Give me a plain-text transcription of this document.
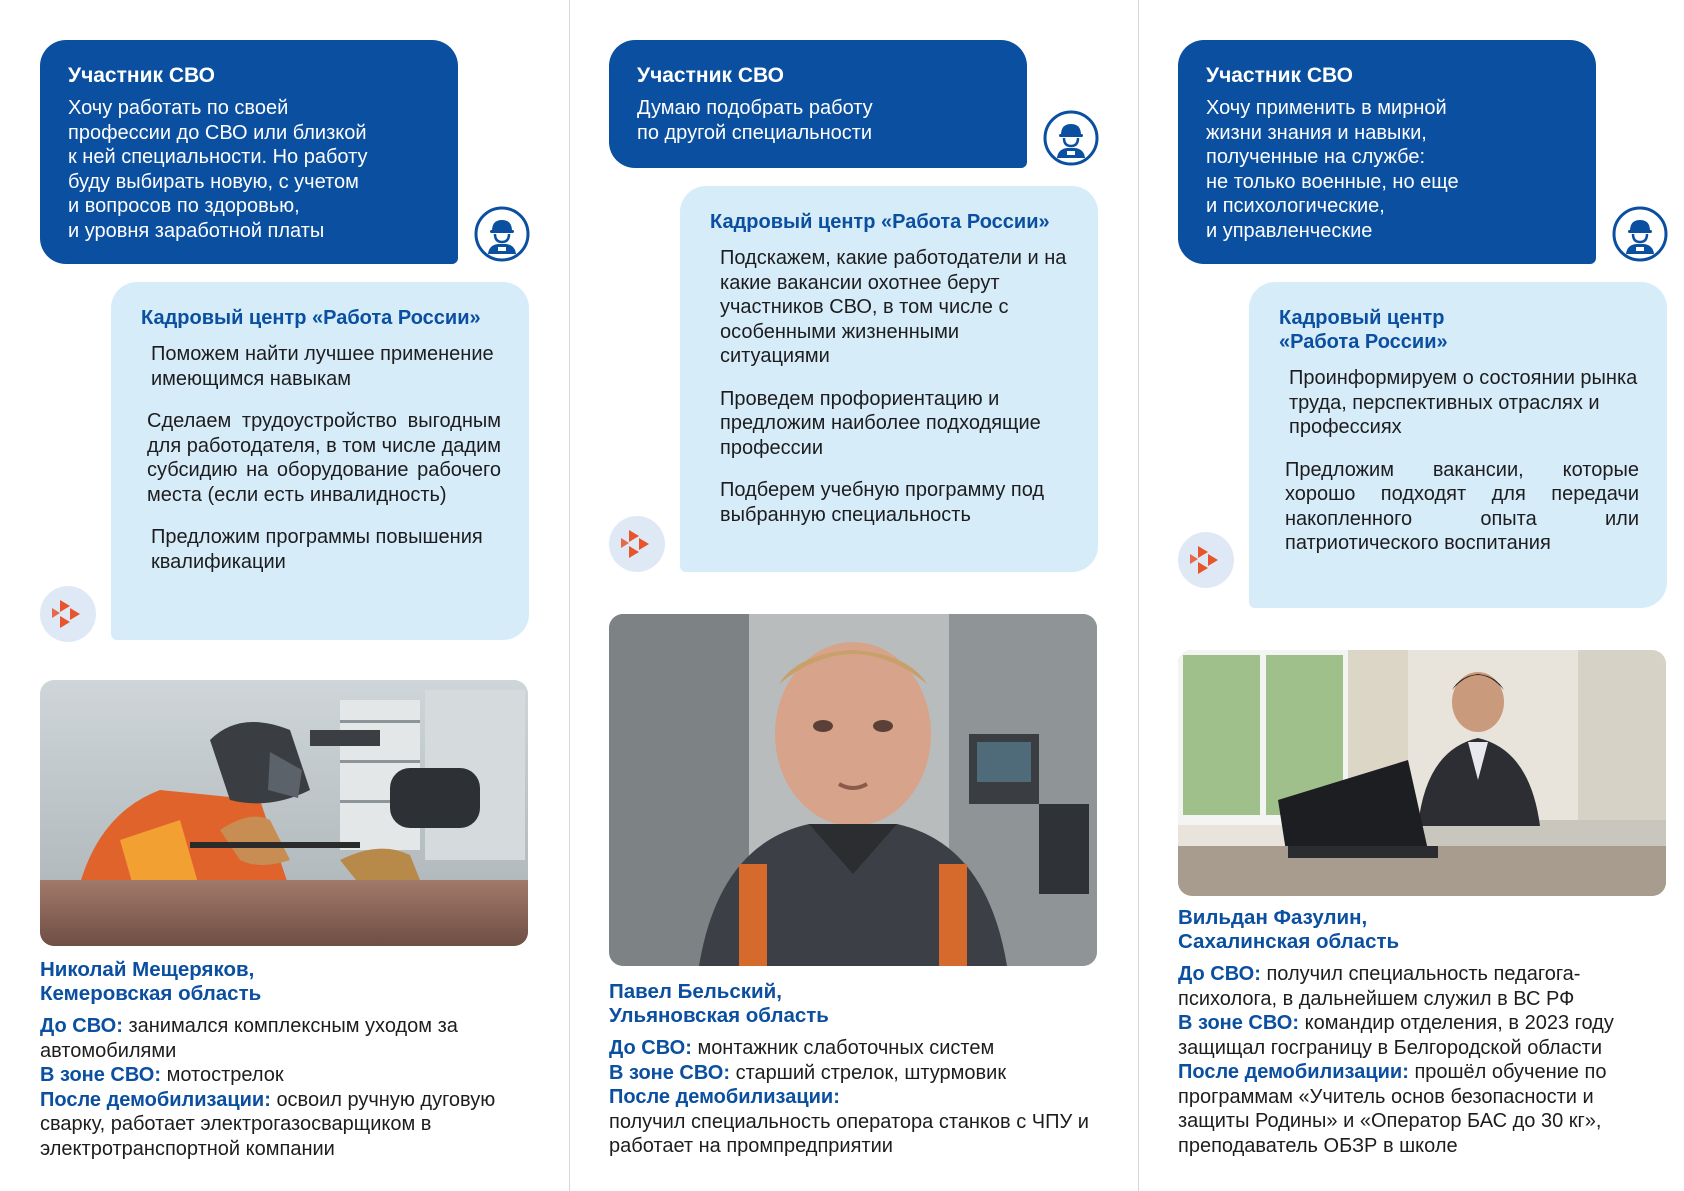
Участник СВО
Хочу работать по своей
профессии до СВО или близкой
к ней специальности. Но работу
буду выбирать новую, с учетом
и вопросов по здоровью,
и уровня заработной платы
Кадровый центр «Работа России»

Поможем найти лучшее применение имеющимся навыкам

Сделаем трудоустройство выгодным для работодателя, в том числе дадим субсидию на оборудование рабочего места (если есть инвалидность)

Предложим программы повышения квалификации

Николай Мещеряков,
Кемеровская область

До СВО: занимался комплексным уходом за автомобилями

В зоне СВО: мотострелок

После демобилизации: освоил ручную дуговую сварку, работает электрогазосварщиком в электротранспортной компании

Участник СВО
Думаю подобрать работу
по другой специальности
Кадровый центр «Работа России»

Подскажем, какие работодатели и на какие вакансии охотнее берут участников СВО, в том числе с особенными жизненными ситуациями

Проведем профориентацию и предложим наиболее подходящие профессии

Подберем учебную программу под выбранную специальность

Павел Бельский,
Ульяновская область

До СВО: монтажник слаботочных систем

В зоне СВО: старший стрелок, штурмовик

После демобилизации:
получил специальность оператора станков с ЧПУ и работает на промпредприятии

Участник СВО
Хочу применить в мирной
жизни знания и навыки,
полученные на службе:
не только военные, но еще
и психологические,
и управленческие
Кадровый центр
«Работа России»

Проинформируем о состоянии рынка труда, перспективных отраслях и профессиях

Предложим вакансии, которые хорошо подходят для передачи накопленного опыта или патриотического воспитания

Вильдан Фазулин,
Сахалинская область

До СВО: получил специальность педагога-психолога, в дальнейшем служил в ВС РФ

В зоне СВО: командир отделения, в 2023 году защищал госграницу в Белгородской области

После демобилизации: прошёл обучение по программам «Учитель основ безопасности и защиты Родины» и «Оператор БАС до 30 кг», преподаватель ОБЗР в школе
